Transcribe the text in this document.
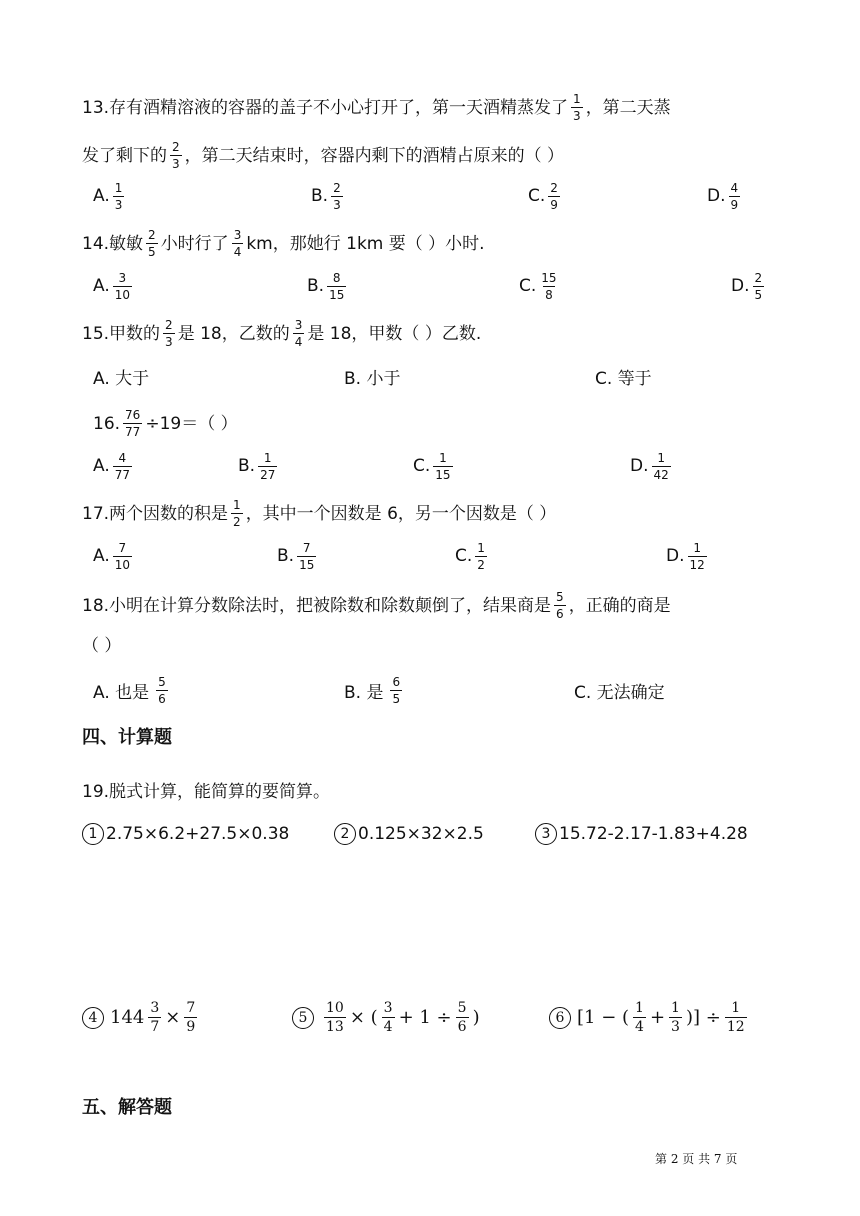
13.存有酒精溶液的容器的盖子不小心打开了，第一天酒精蒸发了 $\frac{1}{3}$ ，第二天蒸
发了剩下的 $\frac{2}{3}$ ，第二天结束时，容器内剩下的酒精占原来的（ ）
A. $\frac{1}{3}$	B. $\frac{2}{3}$	C. $\frac{2}{9}$	D. $\frac{4}{9}$
14.敏敏 $\frac{2}{5}$ 小时行了 $\frac{3}{4}$ km，那她行 1km 要（ ）小时.
A. $\frac{3}{10}$	B. $\frac{8}{15}$	C. $\frac{15}{8}$	D. $\frac{2}{5}$
15.甲数的 $\frac{2}{3}$ 是 18，乙数的 $\frac{3}{4}$ 是 18，甲数（ ）乙数.
A. 大于	B. 小于	C. 等于
16. $\frac{76}{77} \div 19=$（ ）
A. $\frac{4}{77}$	B. $\frac{1}{27}$	C. $\frac{1}{15}$	D. $\frac{1}{42}$
17.两个因数的积是 $\frac{1}{2}$ ，其中一个因数是 6，另一个因数是（ ）
A. $\frac{7}{10}$	B. $\frac{7}{15}$	C. $\frac{1}{2}$	D. $\frac{1}{12}$
18.小明在计算分数除法时，把被除数和除数颠倒了，结果商是 $\frac{5}{6}$ ，正确的商是
（ ）
A. 也是 $\frac{5}{6}$	B. 是 $\frac{6}{5}$	C. 无法确定
四、计算题
19.脱式计算，能简算的要简算。
1 2.75×6.2+27.5×0.38	2 0.125×32×2.5	3 15.72-2.17-1.83+4.28
4 $144 \frac{3}{7} \times \frac{7}{9}$	5	$\frac{10}{13}$ × ( $\frac{3}{4} + 1 \div \frac{5}{6}$ )	6 [1 − ( $\frac{1}{4} + \frac{1}{3}$ )] ÷ $\frac{1}{12}$
五、解答题
第 2 页 共 7 页
